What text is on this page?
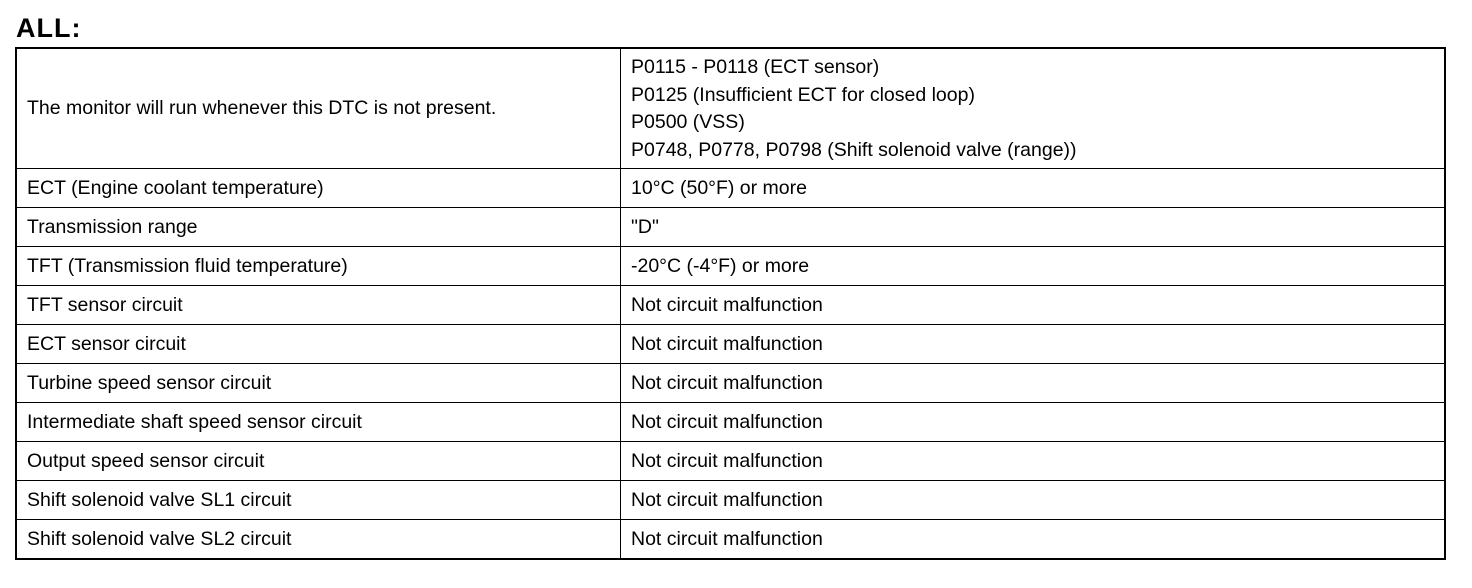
ALL:
The monitor will run whenever this DTC is not present.	P0115 - P0118 (ECT sensor)
P0125 (Insufficient ECT for closed loop)
P0500 (VSS)
P0748, P0778, P0798 (Shift solenoid valve (range))

ECT (Engine coolant temperature)	10°C (50°F) or more
Transmission range	"D"
TFT (Transmission fluid temperature)	-20°C (-4°F) or more
TFT sensor circuit	Not circuit malfunction
ECT sensor circuit	Not circuit malfunction
Turbine speed sensor circuit	Not circuit malfunction
Intermediate shaft speed sensor circuit	Not circuit malfunction
Output speed sensor circuit	Not circuit malfunction
Shift solenoid valve SL1 circuit	Not circuit malfunction
Shift solenoid valve SL2 circuit	Not circuit malfunction
